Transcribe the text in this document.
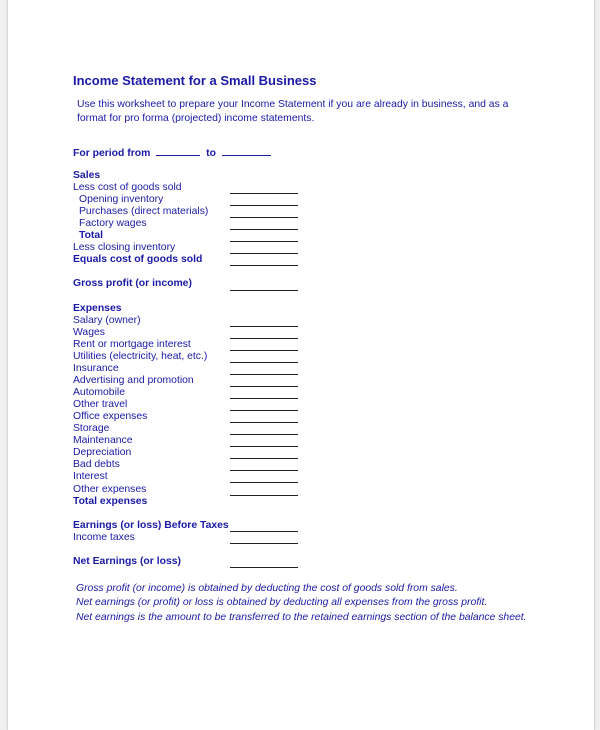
Income Statement for a Small Business
Use this worksheet to prepare your Income Statement if you are already in business, and as a
format for pro forma (projected) income statements.
For period from	to
Sales
Less cost of goods sold
Opening inventory
Purchases (direct materials)
Factory wages
Total
Less closing inventory
Equals cost of goods sold
Gross profit (or income)
Expenses
Salary (owner)
Wages
Rent or mortgage interest
Utilities (electricity, heat, etc.)
Insurance
Advertising and promotion
Automobile
Other travel
Office expenses
Storage
Maintenance
Depreciation
Bad debts
Interest
Other expenses
Total expenses
Earnings (or loss) Before Taxes
Income taxes
Net Earnings (or loss)
Gross profit (or income) is obtained by deducting the cost of goods sold from sales.
Net earnings (or profit) or loss is obtained by deducting all expenses from the gross profit.
Net earnings is the amount to be transferred to the retained earnings section of the balance sheet.
